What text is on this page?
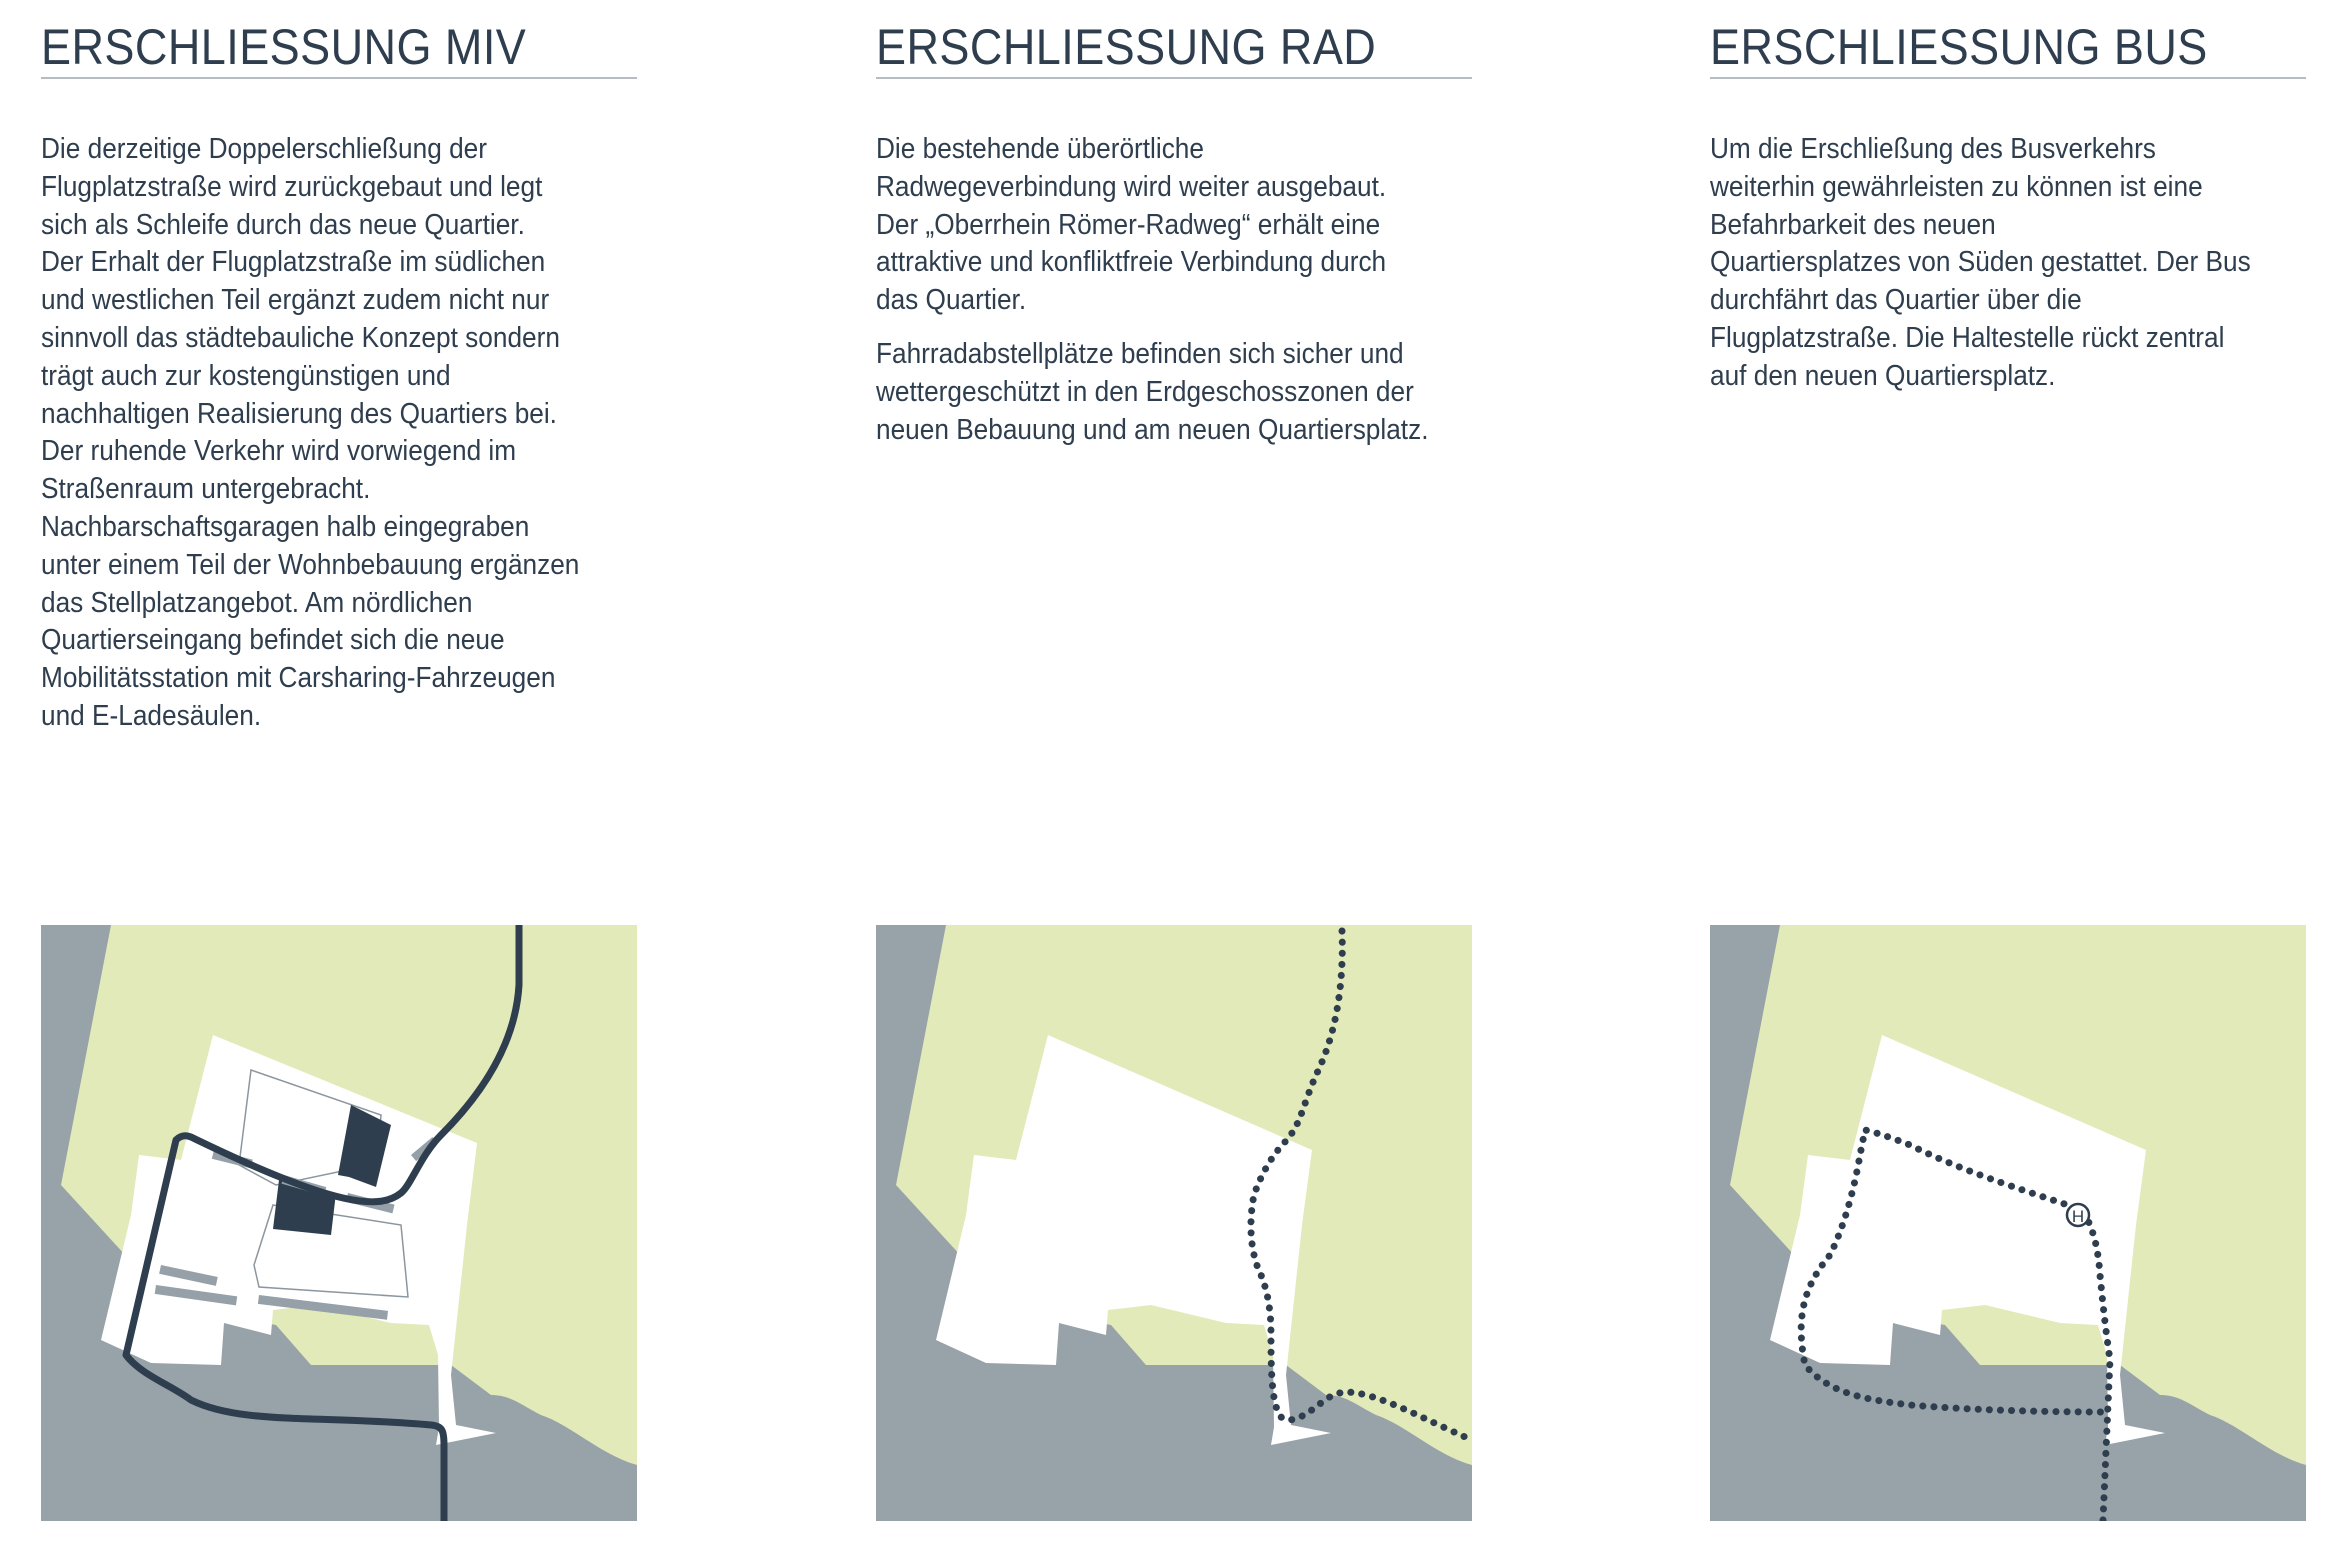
ERSCHLIESSUNG MIV

Die derzeitige Doppelerschließung der
Flugplatzstraße wird zurückgebaut und legt
sich als Schleife durch das neue Quartier.
Der Erhalt der Flugplatzstraße im südlichen
und westlichen Teil ergänzt zudem nicht nur
sinnvoll das städtebauliche Konzept sondern
trägt auch zur kostengünstigen und
nachhaltigen Realisierung des Quartiers bei.
Der ruhende Verkehr wird vorwiegend im
Straßenraum untergebracht.
Nachbarschaftsgaragen halb eingegraben
unter einem Teil der Wohnbebauung ergänzen
das Stellplatzangebot. Am nördlichen
Quartierseingang befindet sich die neue
Mobilitätsstation mit Carsharing-Fahrzeugen
und E-Ladesäulen.

ERSCHLIESSUNG RAD

Die bestehende überörtliche
Radwegeverbindung wird weiter ausgebaut.
Der „Oberrhein Römer-Radweg“ erhält eine
attraktive und konfliktfreie Verbindung durch
das Quartier.

Fahrradabstellplätze befinden sich sicher und
wettergeschützt in den Erdgeschosszonen der
neuen Bebauung und am neuen Quartiersplatz.

ERSCHLIESSUNG BUS

Um die Erschließung des Busverkehrs
weiterhin gewährleisten zu können ist eine
Befahrbarkeit des neuen
Quartiersplatzes von Süden gestattet. Der Bus
durchfährt das Quartier über die
Flugplatzstraße. Die Haltestelle rückt zentral
auf den neuen Quartiersplatz.

H
